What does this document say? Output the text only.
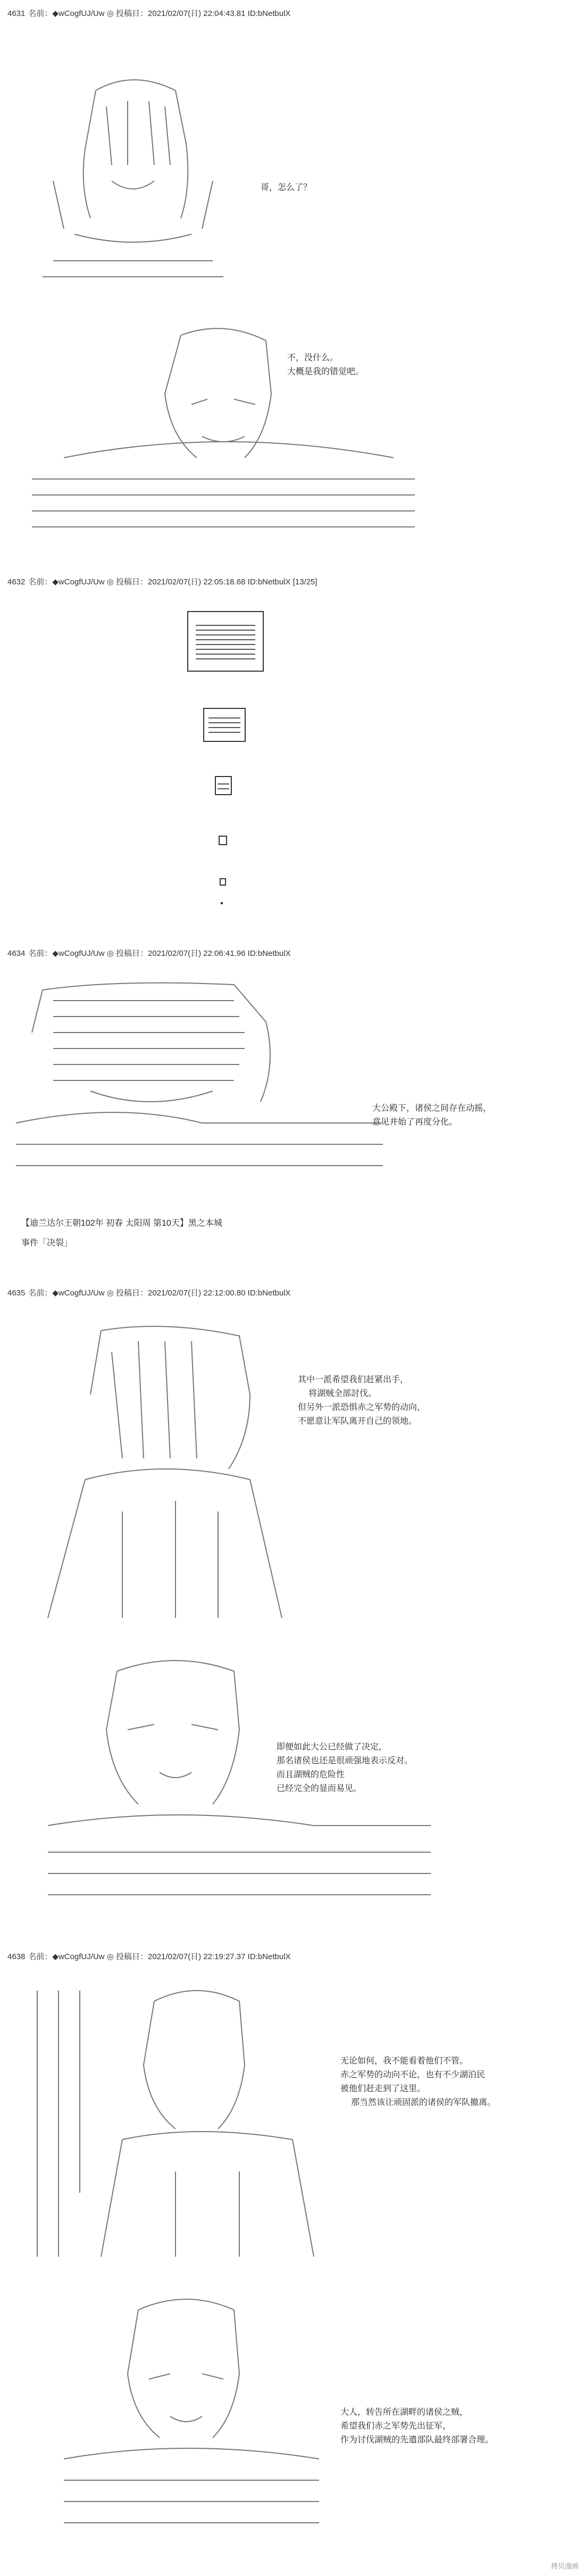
4631 名前：◆wCogfUJ/Uw ◎ 投稿日：2021/02/07(日) 22:04:43.81 ID:bNetbulX
哥，怎么了？
不，没什么。
大概是我的错觉吧。
4632 名前：◆wCogfUJ/Uw ◎ 投稿日：2021/02/07(日) 22:05:18.68 ID:bNetbulX [13/25]
4634 名前：◆wCogfUJ/Uw ◎ 投稿日：2021/02/07(日) 22:06:41.96 ID:bNetbulX
大公殿下，诸侯之间存在动摇，
意见并始了再度分化。
【迪兰达尔王朝102年 初春 太阳周 第10天】黑之本城
事件「决裂」
4635 名前：◆wCogfUJ/Uw ◎ 投稿日：2021/02/07(日) 22:12:00.80 ID:bNetbulX
其中一派希望我们赶紧出手，
将湖贼全部討伐。
但另外一派恐惧赤之军势的动向，
不愿意让军队离开自己的领地。
即便如此大公已经做了决定，
那名诸侯也还是很顽强地表示反对。
而且湖贼的危险性
已经完全的显而易见。
4638 名前：◆wCogfUJ/Uw ◎ 投稿日：2021/02/07(日) 22:19:27.37 ID:bNetbulX
无论如何，我不能看着他们不管。
赤之军势的动向不论，也有不少湖泊民
被他们赶走到了这里。
那当然该让顽固派的诸侯的军队撤离。
大人，转告所在湖畔的诸侯之贼，
希望我们赤之军势先出征军，
作为讨伐湖贼的先遣部队最终部署合理。
拷贝漫画
